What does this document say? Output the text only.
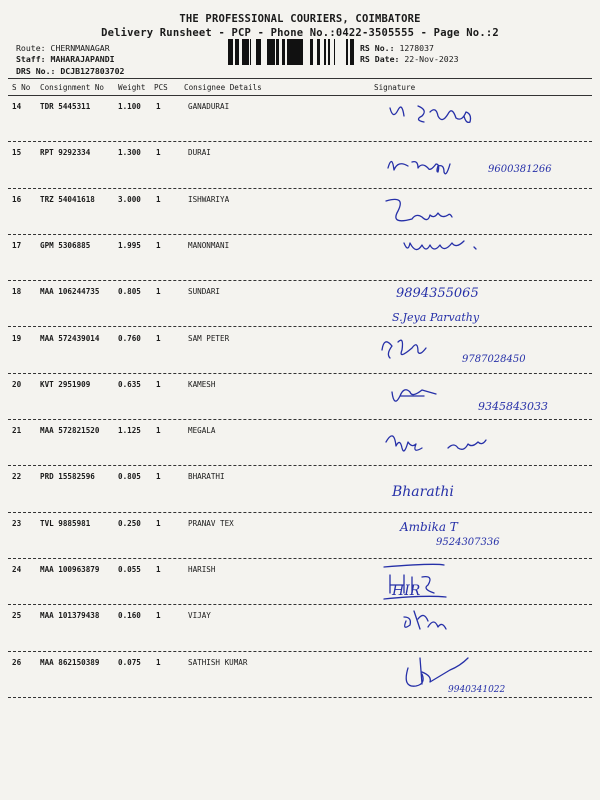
THE PROFESSIONAL COURIERS, COIMBATORE
Delivery Runsheet - PCP - Phone No.:0422-3505555 - Page No.:2
Route: CHERNMANAGAR
Staff: MAHARAJAPANDI
DRS No.: DCJB127803702
RS No.: 1278037
RS Date: 22-Nov-2023
S No Consignment No Weight PCS Consignee Details	Signature
14 TDR 5445311	1.100 1	GANADURAI
15 RPT 9292334	1.300 1	DURAI
9600381266
16 TRZ 54041618	3.000 1	ISHWARIYA
17 GPM 5306885	1.995 1	MANONMANI
18 MAA 106244735 0.805 1	SUNDARI	9894355065
S.Jeya Parvathy
19 MAA 572439014 0.760 1	SAM PETER
9787028450
20 KVT 2951909	0.635 1	KAMESH
9345843033
21 MAA 572821520 1.125 1	MEGALA
22 PRD 15582596	0.805 1	BHARATHI
Bharathi
23 TVL 9885981	0.250 1	PRANAV TEX	Ambika T
9524307336
24 MAA 100963879 0.055 1	HARISH
HIR
25 MAA 101379438 0.160 1	VIJAY
26 MAA 862150389 0.075 1	SATHISH KUMAR
9940341022
